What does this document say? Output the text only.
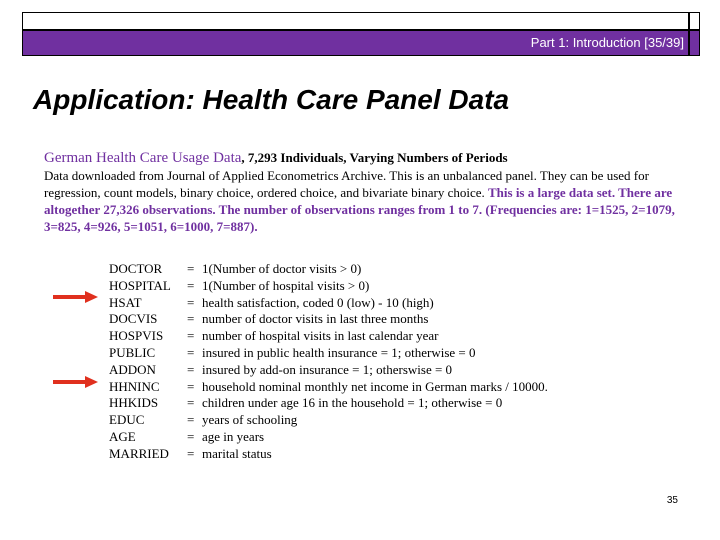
Part 1: Introduction [35/39]
Application: Health Care Panel Data
German Health Care Usage Data, 7,293 Individuals, Varying Numbers of Periods

Data downloaded from Journal of Applied Econometrics Archive. This is an unbalanced panel. They can be used for regression, count models, binary choice, ordered choice, and bivariate binary choice. This is a large data set. There are altogether 27,326 observations. The number of observations ranges from 1 to 7. (Frequencies are: 1=1525, 2=1079, 3=825, 4=926, 5=1051, 6=1000, 7=887).

DOCTOR	= 1(Number of doctor visits > 0)
HOSPITAL	= 1(Number of hospital visits > 0)
HSAT	= health satisfaction, coded 0 (low) - 10 (high)
DOCVIS	= number of doctor visits in last three months
HOSPVIS	= number of hospital visits in last calendar year
PUBLIC	= insured in public health insurance = 1; otherwise = 0
ADDON	= insured by add-on insurance = 1; otherswise = 0
HHNINC	= household nominal monthly net income in German marks / 10000.
HHKIDS	= children under age 16 in the household = 1; otherwise = 0
EDUC	= years of schooling
AGE	= age in years
MARRIED	= marital status
35
